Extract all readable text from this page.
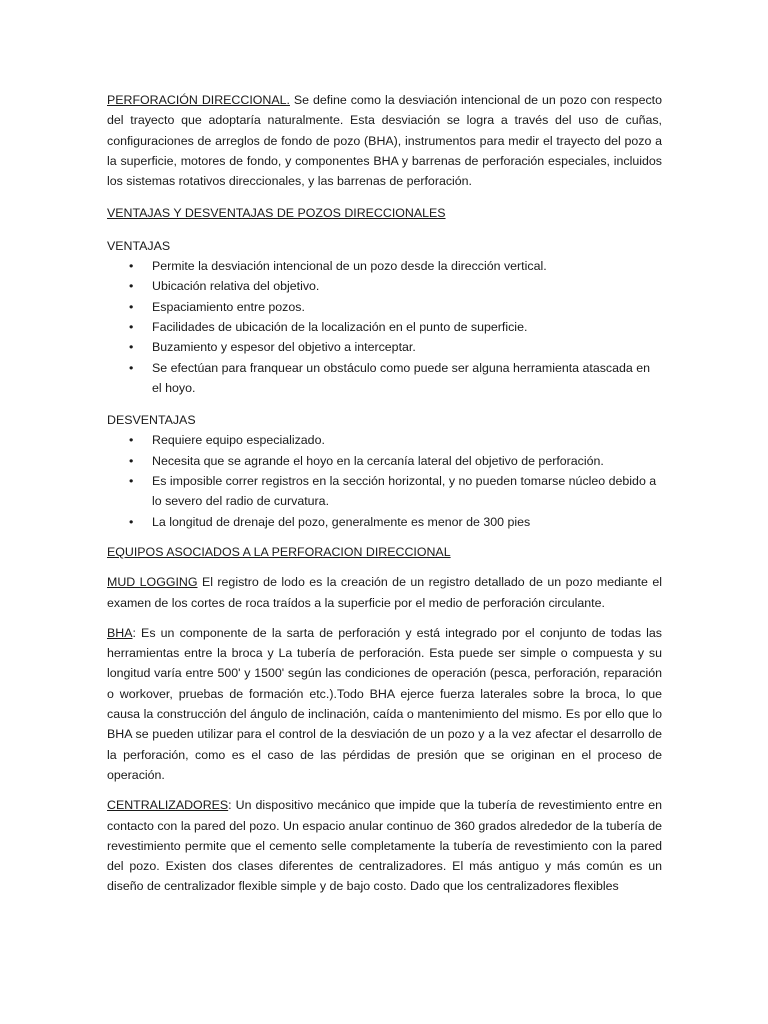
PERFORACIÓN DIRECCIONAL. Se define como la desviación intencional de un pozo con respecto del trayecto que adoptaría naturalmente. Esta desviación se logra a través del uso de cuñas, configuraciones de arreglos de fondo de pozo (BHA), instrumentos para medir el trayecto del pozo a la superficie, motores de fondo, y componentes BHA y barrenas de perforación especiales, incluidos los sistemas rotativos direccionales, y las barrenas de perforación.

VENTAJAS Y DESVENTAJAS DE POZOS DIRECCIONALES

VENTAJAS

• Permite la desviación intencional de un pozo desde la dirección vertical.
• Ubicación relativa del objetivo.
• Espaciamiento entre pozos.
• Facilidades de ubicación de la localización en el punto de superficie.
• Buzamiento y espesor del objetivo a interceptar.
• Se efectúan para franquear un obstáculo como puede ser alguna herramienta atascada en el hoyo.

DESVENTAJAS

• Requiere equipo especializado.
• Necesita que se agrande el hoyo en la cercanía lateral del objetivo de perforación.
• Es imposible correr registros en la sección horizontal, y no pueden tomarse núcleo debido a lo severo del radio de curvatura.
• La longitud de drenaje del pozo, generalmente es menor de 300 pies

EQUIPOS ASOCIADOS A LA PERFORACION DIRECCIONAL

MUD LOGGING El registro de lodo es la creación de un registro detallado de un pozo mediante el examen de los cortes de roca traídos a la superficie por el medio de perforación circulante.

BHA: Es un componente de la sarta de perforación y está integrado por el conjunto de todas las herramientas entre la broca y La tubería de perforación. Esta puede ser simple o compuesta y su longitud varía entre 500' y 1500' según las condiciones de operación (pesca, perforación, reparación o workover, pruebas de formación etc.).Todo BHA ejerce fuerza laterales sobre la broca, lo que causa la construcción del ángulo de inclinación, caída o mantenimiento del mismo. Es por ello que lo BHA se pueden utilizar para el control de la desviación de un pozo y a la vez afectar el desarrollo de la perforación, como es el caso de las pérdidas de presión que se originan en el proceso de operación.

CENTRALIZADORES: Un dispositivo mecánico que impide que la tubería de revestimiento entre en contacto con la pared del pozo. Un espacio anular continuo de 360 grados alrededor de la tubería de revestimiento permite que el cemento selle completamente la tubería de revestimiento con la pared del pozo. Existen dos clases diferentes de centralizadores. El más antiguo y más común es un diseño de centralizador flexible simple y de bajo costo. Dado que los centralizadores flexibles
